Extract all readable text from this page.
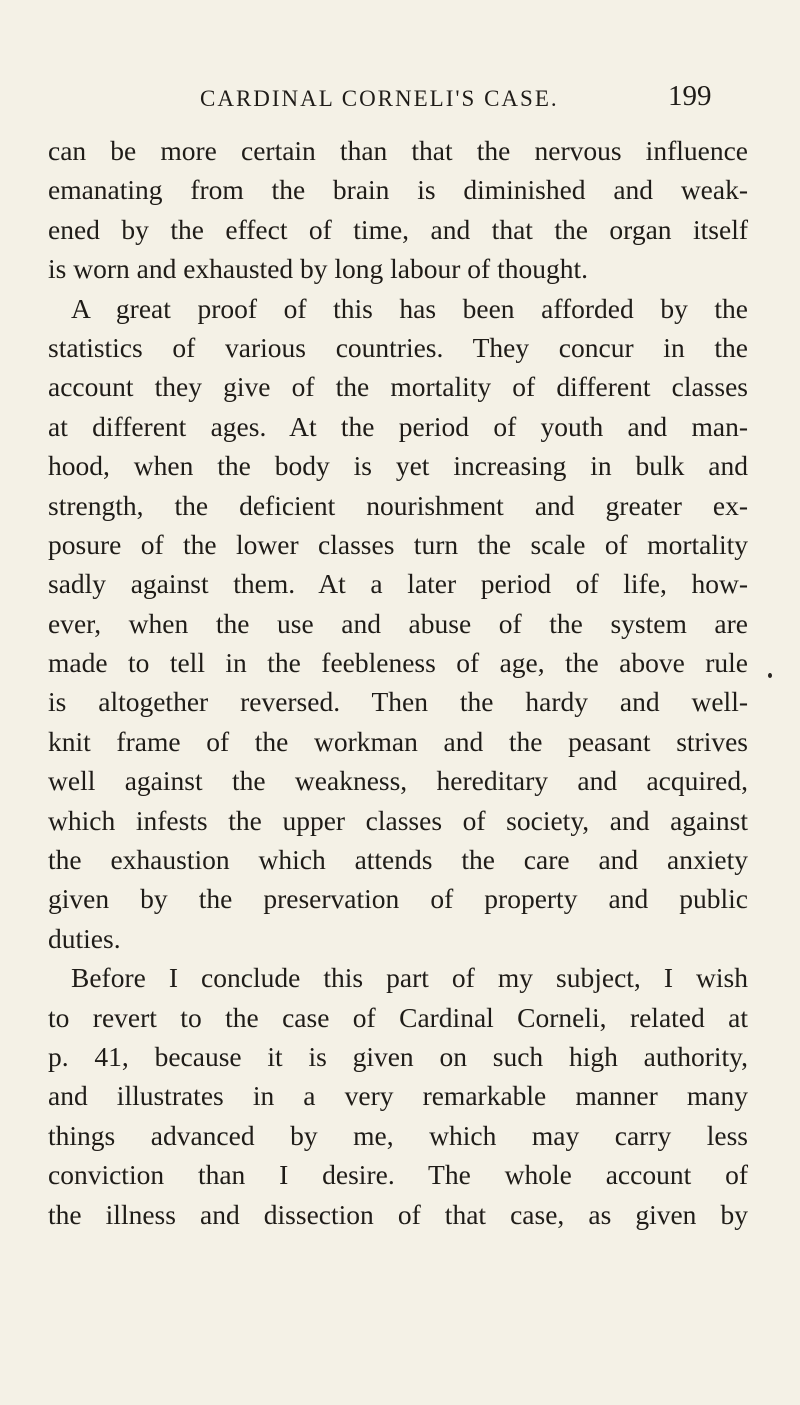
CARDINAL CORNELI'S CASE.	199
can be more certain than that the nervous influence
emanating from the brain is diminished and weak-
ened by the effect of time, and that the organ itself
is worn and exhausted by long labour of thought.
A great proof of this has been afforded by the
statistics of various countries. They concur in the
account they give of the mortality of different classes
at different ages. At the period of youth and man-
hood, when the body is yet increasing in bulk and
strength, the deficient nourishment and greater ex-
posure of the lower classes turn the scale of mortality
sadly against them. At a later period of life, how-
ever, when the use and abuse of the system are
made to tell in the feebleness of age, the above rule
is altogether reversed. Then the hardy and well-
knit frame of the workman and the peasant strives
well against the weakness, hereditary and acquired,
which infests the upper classes of society, and against
the exhaustion which attends the care and anxiety
given by the preservation of property and public
duties.
Before I conclude this part of my subject, I wish
to revert to the case of Cardinal Corneli, related at
p. 41, because it is given on such high authority,
and illustrates in a very remarkable manner many
things advanced by me, which may carry less
conviction than I desire. The whole account of
the illness and dissection of that case, as given by
